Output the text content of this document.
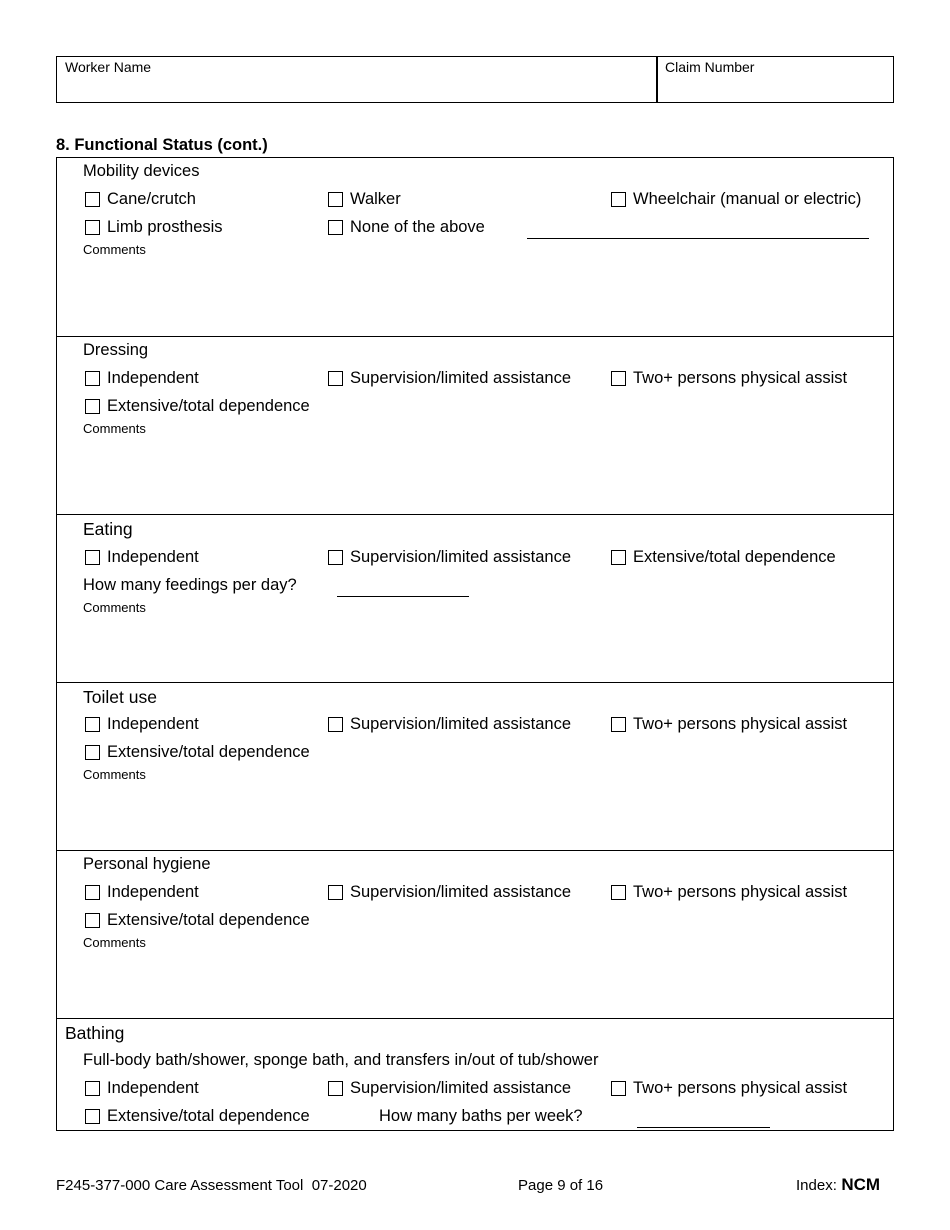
Worker Name	Claim Number
8. Functional Status (cont.)
Mobility devices
Cane/crutch	Walker	Wheelchair (manual or electric)
Limb prosthesis	None of the above
Comments
Dressing
Independent	Supervision/limited assistance	Two+ persons physical assist
Extensive/total dependence
Comments
Eating
Independent	Supervision/limited assistance	Extensive/total dependence
How many feedings per day?
Comments
Toilet use
Independent	Supervision/limited assistance	Two+ persons physical assist
Extensive/total dependence
Comments
Personal hygiene
Independent	Supervision/limited assistance	Two+ persons physical assist
Extensive/total dependence
Comments
Bathing
Full-body bath/shower, sponge bath, and transfers in/out of tub/shower
Independent	Supervision/limited assistance	Two+ persons physical assist
Extensive/total dependence	How many baths per week?
F245-377-000 Care Assessment Tool  07-2020	Page 9 of 16	Index: NCM
